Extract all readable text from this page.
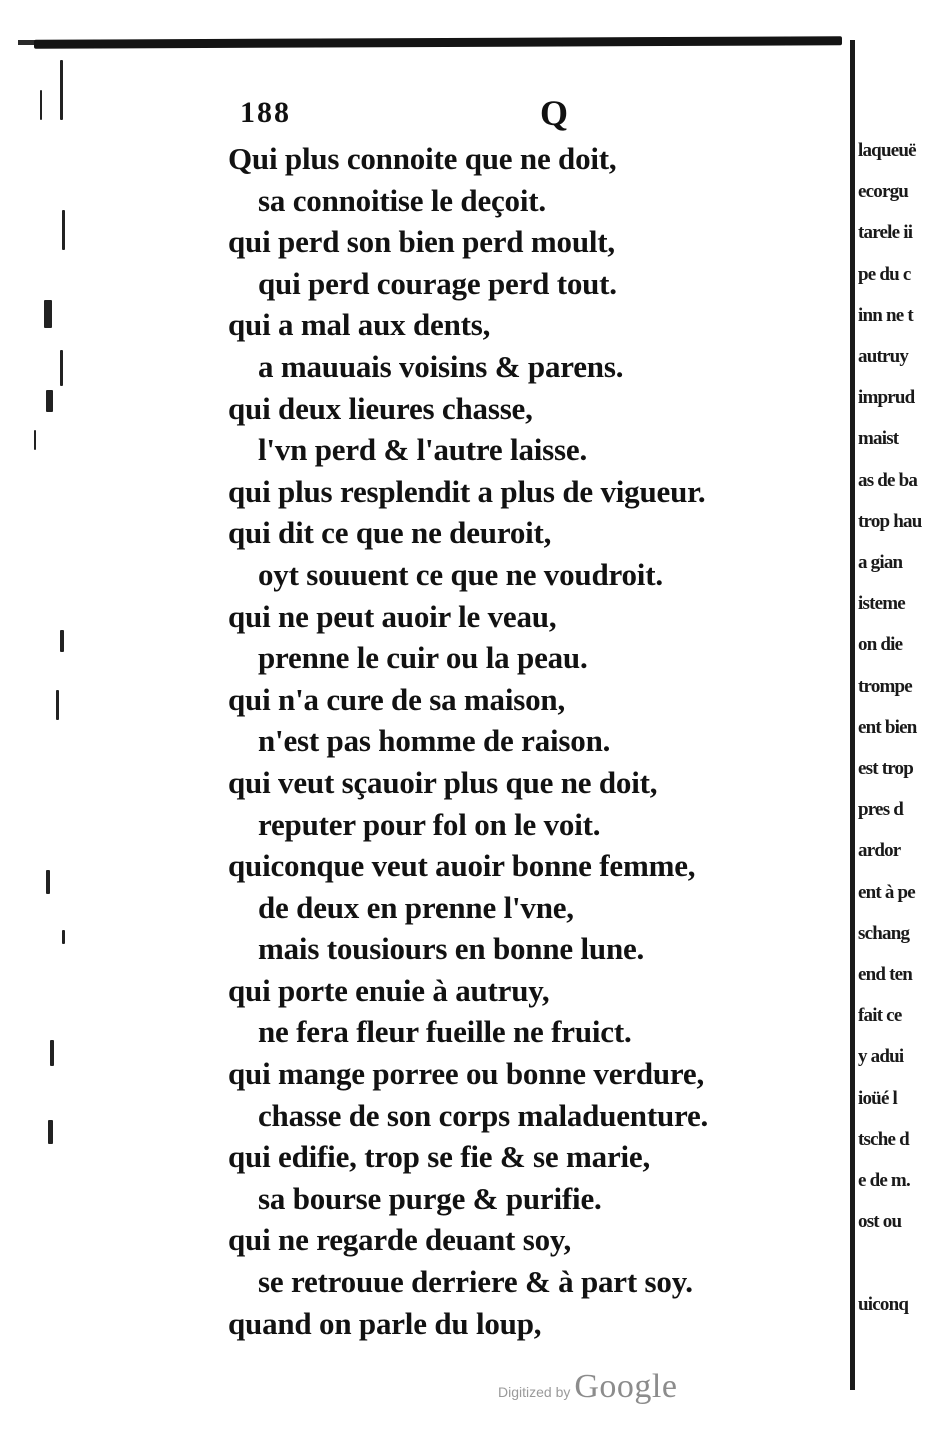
laqueuë
ecorgu
tarele ii
pe du c
inn ne t
autruy
imprud
maist
as de ba
trop hau
a gian
isteme
on die
trompe
ent bien
est trop
pres d
ardor
ent à pe
schang
end ten
fait ce
y adui
ioüé l
tsche d
e de m.
ost ou

uiconq
188	Q
Qui plus connoite que ne doit,
sa connoitise le deçoit.
qui perd son bien perd moult,
qui perd courage perd tout.
qui a mal aux dents,
a mauuais voisins & parens.
qui deux lieures chasse,
l'vn perd & l'autre laisse.
qui plus resplendit a plus de vigueur.
qui dit ce que ne deuroit,
oyt souuent ce que ne voudroit.
qui ne peut auoir le veau,
prenne le cuir ou la peau.
qui n'a cure de sa maison,
n'est pas homme de raison.
qui veut sçauoir plus que ne doit,
reputer pour fol on le voit.
quiconque veut auoir bonne femme,
de deux en prenne l'vne,
mais tousiours en bonne lune.
qui porte enuie à autruy,
ne fera fleur fueille ne fruict.
qui mange porree ou bonne verdure,
chasse de son corps maladuenture.
qui edifie, trop se fie & se marie,
sa bourse purge & purifie.
qui ne regarde deuant soy,
se retrouue derriere & à part soy.
quand on parle du loup,
Digitized by Google
